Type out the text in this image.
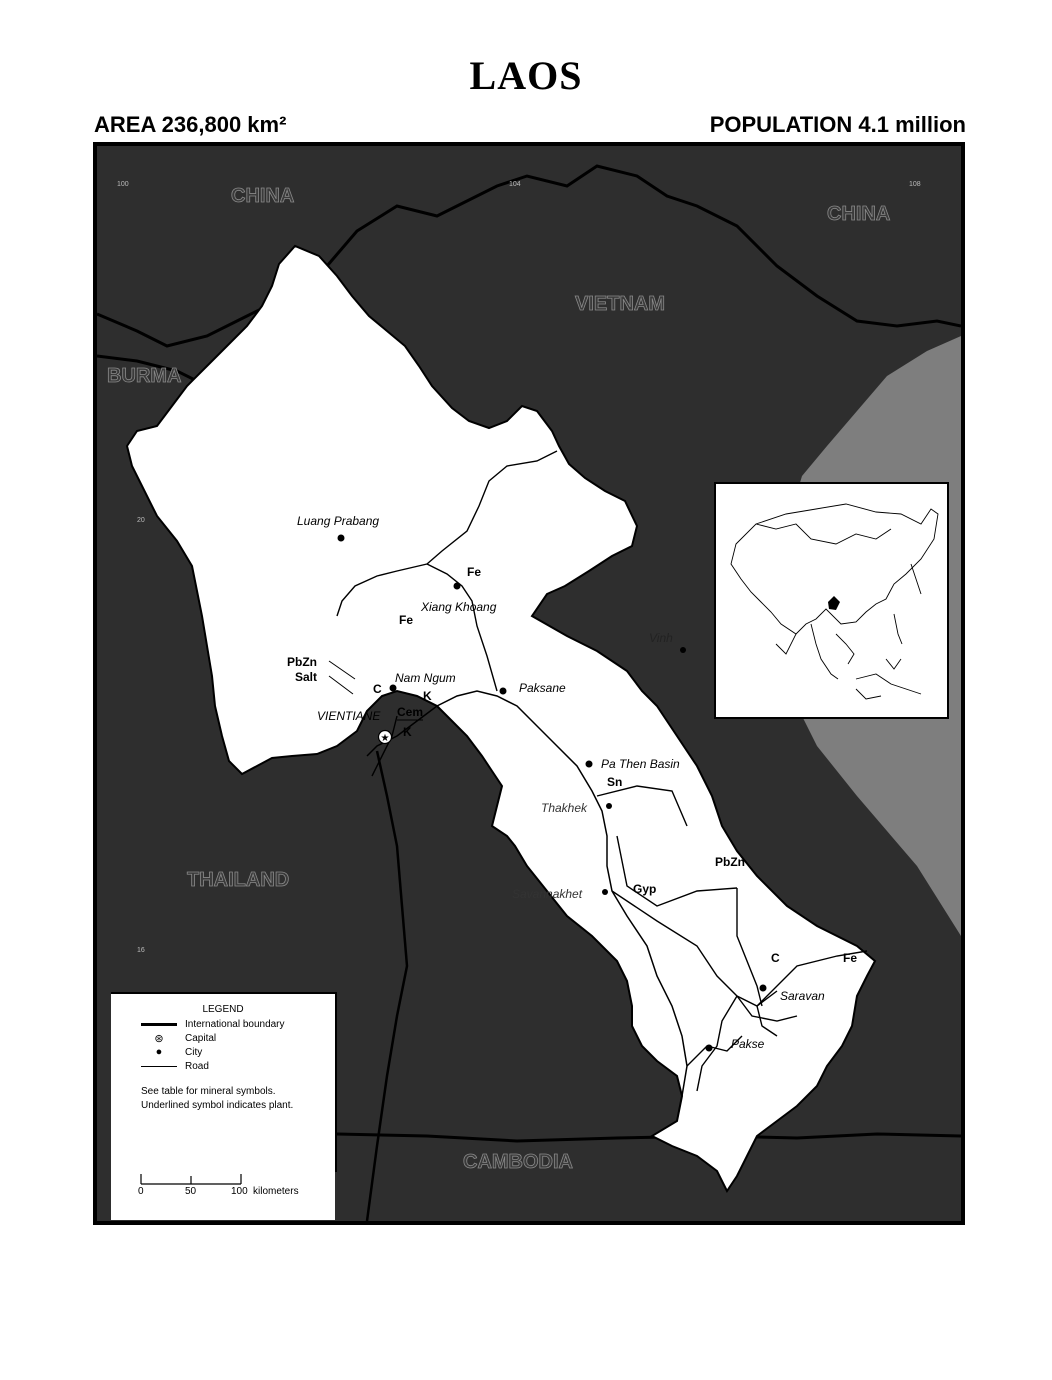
LAOS
AREA 236,800 km²	POPULATION 4.1 million
100	104	108
20
16
CHINA
CHINA
VIETNAM
BURMA
THAILAND
CAMBODIA
Luang Prabang
Xiang Khoang
Nam Ngum
Paksane
★
VIENTIANE
Pa Then Basin
Thakhek
Savannakhet
Saravan
Pakse
Vinh
Fe
Fe
PbZn
Salt
C	K
Cem
K
Sn
PbZn
Gyp
C	Fe
LEGEND
International boundary
⊛	Capital
●	City
Road
See table for mineral symbols.
Underlined symbol indicates plant.
0	50	100 kilometers
